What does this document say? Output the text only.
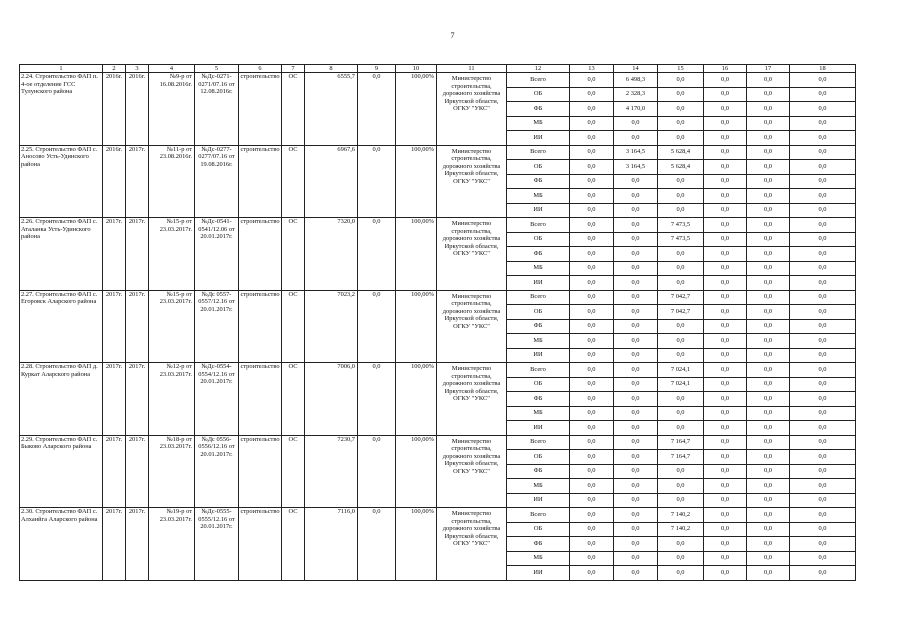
7
1	2	3	4	5	6	7	8	9	10	11	12	13	14	15	16	17	18
2.24. Строительство ФАП п. 4-ое отделение ГСС Тулунского района	2016г.	2016г.	№9-р от 16.08.2016г.	№Дс-0271-0271/07.16 от 12.08.2016г.	строительство	ОС	6555,7	0,0	100,00%	Министерство строительства, дорожного хозяйства Иркутской области, ОГКУ "УКС"	Всего	0,0	6 498,3	0,0	0,0	0,0	0,0
											ОБ	0,0	2 328,3	0,0	0,0	0,0	0,0
											ФБ	0,0	4 170,0	0,0	0,0	0,0	0,0
											МБ	0,0	0,0	0,0	0,0	0,0	0,0
											ИИ	0,0	0,0	0,0	0,0	0,0	0,0
2.25. Строительство ФАП с. Аносово Усть-Удинского района	2016г.	2017г.	№11-р от 23.08.2016г.	№Дс-0277-0277/07.16 от 19.08.2016г.	строительство	ОС	6967,6	0,0	100,00%	Министерство строительства, дорожного хозяйства Иркутской области, ОГКУ "УКС"	Всего	0,0	3 164,5	5 628,4	0,0	0,0	0,0
											ОБ	0,0	3 164,5	5 628,4	0,0	0,0	0,0
											ФБ	0,0	0,0	0,0	0,0	0,0	0,0
											МБ	0,0	0,0	0,0	0,0	0,0	0,0
											ИИ	0,0	0,0	0,0	0,0	0,0	0,0
2.26. Строительство ФАП с. Аталанка Усть-Удинского района	2017г.	2017г.	№15-р от 23.03.2017г.	№Дс-0541-0541/12.06 от 20.01.2017г.	строительство	ОС	7320,0	0,0	100,00%	Министерство строительства, дорожного хозяйства Иркутской области, ОГКУ "УКС"	Всего	0,0	0,0	7 473,5	0,0	0,0	0,0
											ОБ	0,0	0,0	7 473,5	0,0	0,0	0,0
											ФБ	0,0	0,0	0,0	0,0	0,0	0,0
											МБ	0,0	0,0	0,0	0,0	0,0	0,0
											ИИ	0,0	0,0	0,0	0,0	0,0	0,0
2.27. Строительство ФАП с. Егоровск Аларского района	2017г.	2017г.	№15-р от 23.03.2017г.	№Дс 0557-0557/12.16 от 20.01.2017г.	строительство	ОС	7023,2	0,0	100,00%	Министерство строительства, дорожного хозяйства Иркутской области, ОГКУ "УКС"	Всего	0,0	0,0	7 042,7	0,0	0,0	0,0
											ОБ	0,0	0,0	7 042,7	0,0	0,0	0,0
											ФБ	0,0	0,0	0,0	0,0	0,0	0,0
											МБ	0,0	0,0	0,0	0,0	0,0	0,0
											ИИ	0,0	0,0	0,0	0,0	0,0	0,0
2.28. Строительство ФАП д. Куркат Аларского района	2017г.	2017г.	№12-р от 23.03.2017г.	№Дс-0554-0554/12.16 от 20.01.2017г.	строительство	ОС	7006,0	0,0	100,00%	Министерство строительства, дорожного хозяйства Иркутской области, ОГКУ "УКС"	Всего	0,0	0,0	7 024,1	0,0	0,0	0,0
											ОБ	0,0	0,0	7 024,1	0,0	0,0	0,0
											ФБ	0,0	0,0	0,0	0,0	0,0	0,0
											МБ	0,0	0,0	0,0	0,0	0,0	0,0
											ИИ	0,0	0,0	0,0	0,0	0,0	0,0
2.29. Строительство ФАП с. Быково Аларского района	2017г.	2017г.	№18-р от 23.03.2017г.	№Дс 0556-0556/12.16 от 20.01.2017г.	строительство	ОС	7230,7	0,0	100,00%	Министерство строительства, дорожного хозяйства Иркутской области, ОГКУ "УКС"	Всего	0,0	0,0	7 164,7	0,0	0,0	0,0
											ОБ	0,0	0,0	7 164,7	0,0	0,0	0,0
											ФБ	0,0	0,0	0,0	0,0	0,0	0,0
											МБ	0,0	0,0	0,0	0,0	0,0	0,0
											ИИ	0,0	0,0	0,0	0,0	0,0	0,0
2.30. Строительство ФАП с. Алханйга Аларского района	2017г.	2017г.	№19-р от 23.03.2017г.	№Дс-0555-0555/12.16 от 20.01.2017г.	строительство	ОС	7116,0	0,0	100,00%	Министерство строительства, дорожного хозяйства Иркутской области, ОГКУ "УКС"	Всего	0,0	0,0	7 140,2	0,0	0,0	0,0
											ОБ	0,0	0,0	7 140,2	0,0	0,0	0,0
											ФБ	0,0	0,0	0,0	0,0	0,0	0,0
											МБ	0,0	0,0	0,0	0,0	0,0	0,0
											ИИ	0,0	0,0	0,0	0,0	0,0	0,0
